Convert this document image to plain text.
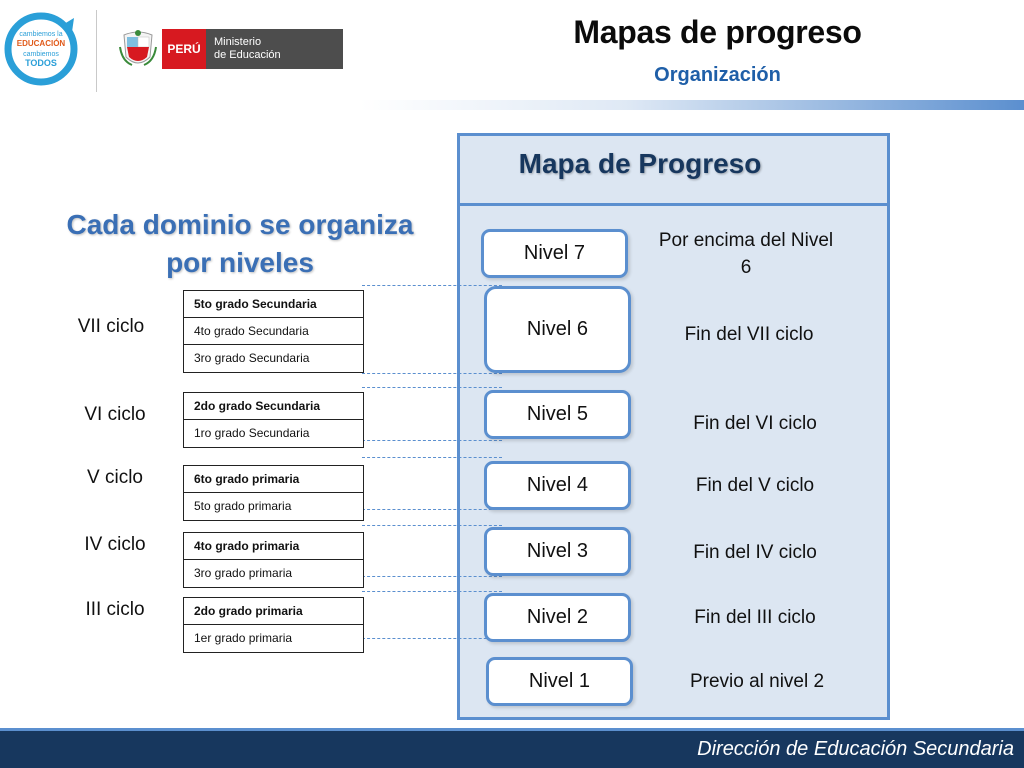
cambiemos la
EDUCACIÓN
cambiemos
TODOS
PERÚ	Ministerio
de Educación
Mapas de progreso
Organización
Cada dominio se organiza
por niveles
Mapa de Progreso
VII ciclo
VI ciclo
V ciclo
IV ciclo
III ciclo
5to grado Secundaria
4to grado Secundaria
3ro grado Secundaria
2do grado Secundaria
1ro grado Secundaria
6to grado primaria
5to grado primaria
4to grado primaria
3ro grado primaria
2do grado primaria
1er grado primaria
Nivel 7
Nivel 6
Nivel 5
Nivel 4
Nivel 3
Nivel 2
Nivel 1
Por encima del Nivel 6
Fin del VII ciclo
Fin del VI ciclo
Fin del V ciclo
Fin del IV ciclo
Fin del III ciclo
Previo al nivel 2
Dirección de Educación Secundaria
